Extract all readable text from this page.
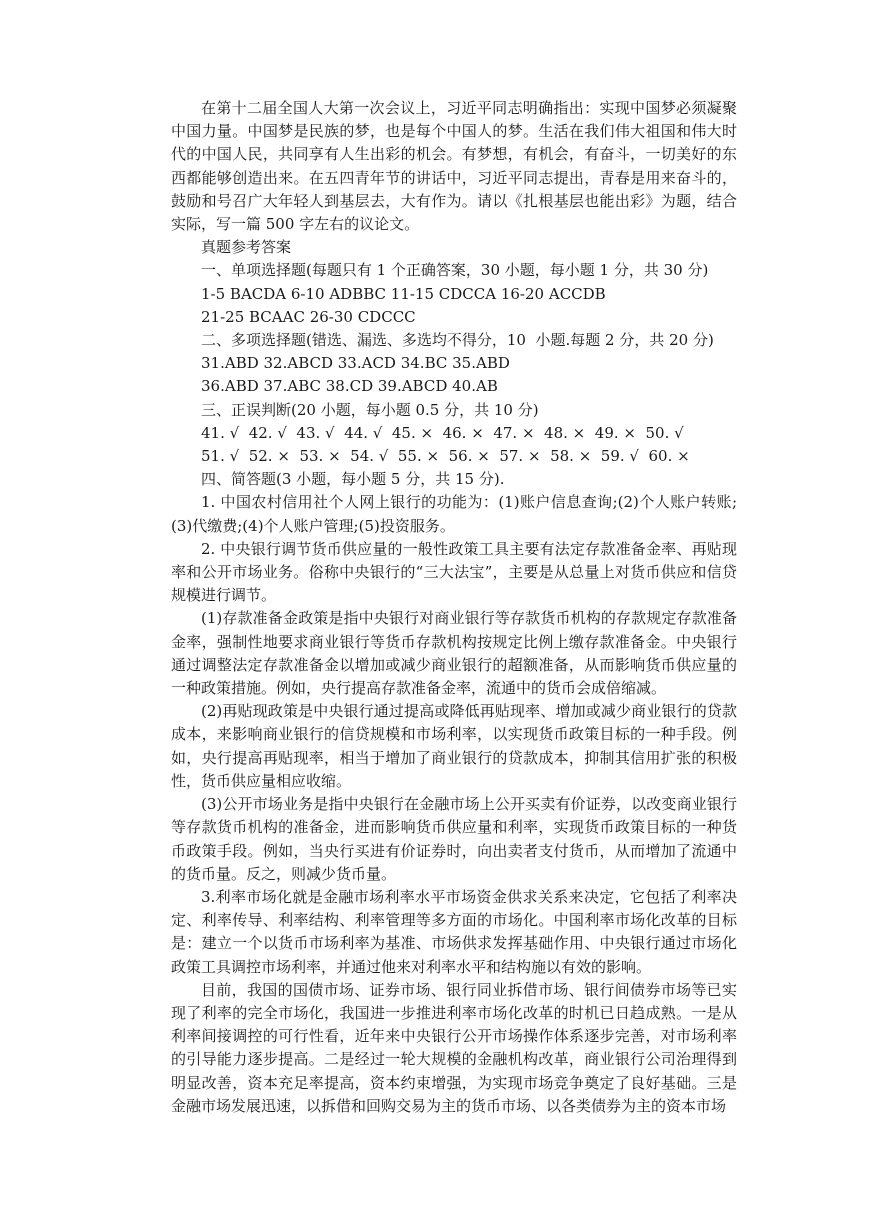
在第十二届全国人大第一次会议上，习近平同志明确指出：实现中国梦必须凝聚中国力量。中国梦是民族的梦，也是每个中国人的梦。生活在我们伟大祖国和伟大时代的中国人民，共同享有人生出彩的机会。有梦想，有机会，有奋斗，一切美好的东西都能够创造出来。在五四青年节的讲话中，习近平同志提出，青春是用来奋斗的，鼓励和号召广大年轻人到基层去，大有作为。请以《扎根基层也能出彩》为题，结合实际，写一篇 500 字左右的议论文。

真题参考答案

一、单项选择题(每题只有 1 个正确答案，30 小题，每小题 1 分，共 30 分)

1-5 BACDA 6-10 ADBBC 11-15 CDCCA 16-20 ACCDB

21-25 BCAAC 26-30 CDCCC

二、多项选择题(错选、漏选、多选均不得分，10  小题.每题 2 分，共 20 分)

31.ABD 32.ABCD 33.ACD 34.BC 35.ABD

36.ABD 37.ABC 38.CD 39.ABCD 40.AB

三、正误判断(20 小题，每小题 0.5 分，共 10 分)

41. √  42. √  43. √  44. √  45. ×  46. ×  47. ×  48. ×  49. ×  50. √

51. √  52. ×  53. ×  54. √  55. ×  56. ×  57. ×  58. ×  59. √  60. ×

四、简答题(3 小题，每小题 5 分，共 15 分).

1. 中国农村信用社个人网上银行的功能为：(1)账户信息查询;(2)个人账户转账;(3)代缴费;(4)个人账户管理;(5)投资服务。

2. 中央银行调节货币供应量的一般性政策工具主要有法定存款准备金率、再贴现率和公开市场业务。俗称中央银行的“三大法宝”，主要是从总量上对货币供应和信贷规模进行调节。

(1)存款准备金政策是指中央银行对商业银行等存款货币机构的存款规定存款准备金率，强制性地要求商业银行等货币存款机构按规定比例上缴存款准备金。中央银行通过调整法定存款准备金以增加或减少商业银行的超额准备，从而影响货币供应量的一种政策措施。例如，央行提高存款准备金率，流通中的货币会成倍缩减。

(2)再贴现政策是中央银行通过提高或降低再贴现率、增加或减少商业银行的贷款成本，来影响商业银行的信贷规模和市场利率，以实现货币政策目标的一种手段。例如，央行提高再贴现率，相当于增加了商业银行的贷款成本，抑制其信用扩张的积极性，货币供应量相应收缩。

(3)公开市场业务是指中央银行在金融市场上公开买卖有价证券，以改变商业银行等存款货币机构的准备金，进而影响货币供应量和利率，实现货币政策目标的一种货币政策手段。例如，当央行买进有价证券时，向出卖者支付货币，从而增加了流通中的货币量。反之，则减少货币量。

3.利率市场化就是金融市场利率水平市场资金供求关系来决定，它包括了利率决定、利率传导、利率结构、利率管理等多方面的市场化。中国利率市场化改革的目标是：建立一个以货币市场利率为基准、市场供求发挥基础作用、中央银行通过市场化政策工具调控市场利率，并通过他来对利率水平和结构施以有效的影响。

目前，我国的国债市场、证券市场、银行同业拆借市场、银行间债券市场等已实现了利率的完全市场化，我国进一步推进利率市场化改革的时机已日趋成熟。一是从利率间接调控的可行性看，近年来中央银行公开市场操作体系逐步完善，对市场利率的引导能力逐步提高。二是经过一轮大规模的金融机构改革，商业银行公司治理得到明显改善，资本充足率提高，资本约束增强，为实现市场竞争奠定了良好基础。三是金融市场发展迅速，以拆借和回购交易为主的货币市场、以各类债券为主的资本市场
